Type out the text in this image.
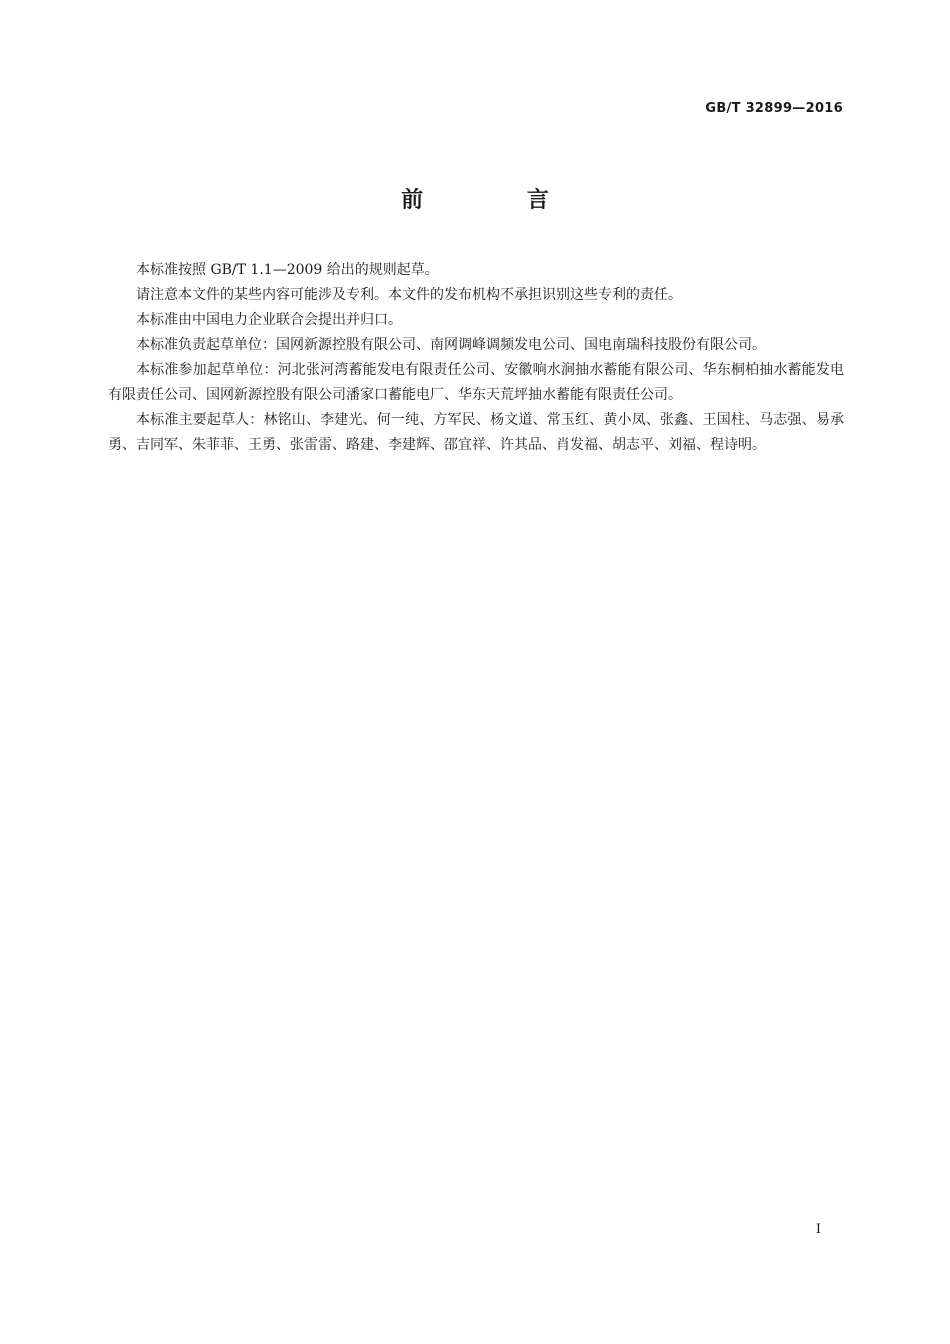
GB/T 32899—2016
前 言

本标准按照 GB/T 1.1—2009 给出的规则起草。

请注意本文件的某些内容可能涉及专利。本文件的发布机构不承担识别这些专利的责任。

本标准由中国电力企业联合会提出并归口。

本标准负责起草单位：国网新源控股有限公司、南网调峰调频发电公司、国电南瑞科技股份有限公司。

本标准参加起草单位：河北张河湾蓄能发电有限责任公司、安徽响水涧抽水蓄能有限公司、华东桐柏抽水蓄能发电有限责任公司、国网新源控股有限公司潘家口蓄能电厂、华东天荒坪抽水蓄能有限责任公司。

本标准主要起草人：林铭山、李建光、何一纯、方军民、杨文道、常玉红、黄小凤、张鑫、王国柱、马志强、易承勇、吉同军、朱菲菲、王勇、张雷雷、路建、李建辉、邵宜祥、许其品、肖发福、胡志平、刘福、程诗明。

I
